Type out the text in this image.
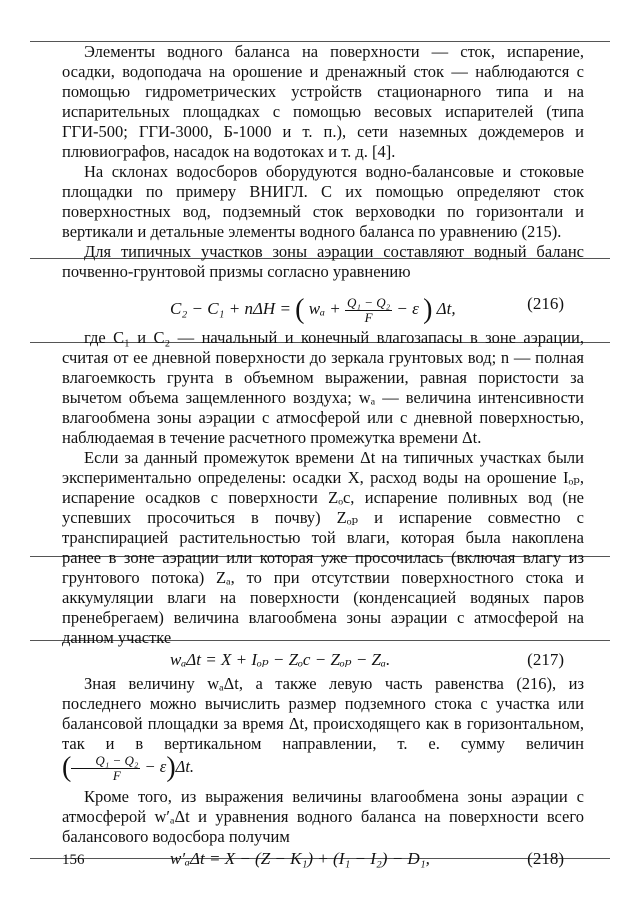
Элементы водного баланса на поверхности — сток, испарение, осадки, водоподача на орошение и дренажный сток — наблюдаются с помощью гидрометрических устройств стационарного типа и на испарительных площадках с помощью весовых испарителей (типа ГГИ-500; ГГИ-3000, Б-1000 и т. п.), сети наземных дождемеров и плювиографов, насадок на водотоках и т. д. [4].

На склонах водосборов оборудуются водно-балансовые и стоковые площадки по примеру ВНИГЛ. С их помощью определяют сток поверхностных вод, подземный сток верховодки по горизонтали и вертикали и детальные элементы водного баланса по уравнению (215).

Для типичных участков зоны аэрации составляют водный баланс почвенно-грунтовой призмы согласно уравнению

C₂ − C₁ + nΔH = ( $w_a + \frac{\text{Q₁ − Q₂}}{F} - \varepsilon$ ) Δt,	(216)

где C₁ и C₂ — начальный и конечный влагозапасы в зоне аэрации, считая от ее дневной поверхности до зеркала грунтовых вод; n — полная влагоемкость грунта в объемном выражении, равная пористости за вычетом объема защемленного воздуха; wₐ — величина интенсивности влагообмена зоны аэрации с атмосферой или с дневной поверхностью, наблюдаемая в течение расчетного промежутка времени Δt.

Если за данный промежуток времени Δt на типичных участках были экспериментально определены: осадки X, расход воды на орошение Iₒₚ, испарение осадков с поверхности Zₒc, испарение поливных вод (не успевших просочиться в почву) Zₒₚ и испарение совместно с транспирацией растительностью той влаги, которая была накоплена ранее в зоне аэрации или которая уже просочилась (включая влагу из грунтового потока) Zₐ, то при отсутствии поверхностного стока и аккумуляции влаги на поверхности (конденсацией водяных паров пренебрегаем) величина влагообмена зоны аэрации с атмосферой на данном участке

wₐΔt = X + Iₒₚ − Zₒc − Zₒₚ − Zₐ.	(217)

Зная величину wₐΔt, а также левую часть равенства (216), из последнего можно вычислить размер подземного стока с участка или балансовой площадки за время Δt, происходящего как в горизонтальном, так и в вертикальном направлении, т. е. сумму величин ( $\frac{\text{Q₁ − Q₂}}{F} - \varepsilon)\Delta t$.

Кроме того, из выражения величины влагообмена зоны аэрации с атмосферой w′ₐΔt и уравнения водного баланса на поверхности всего балансового водосбора получим

w′ₐΔt = X − (Z − K₁) + (I₁ − I₂) − D₁,	(218)
156
